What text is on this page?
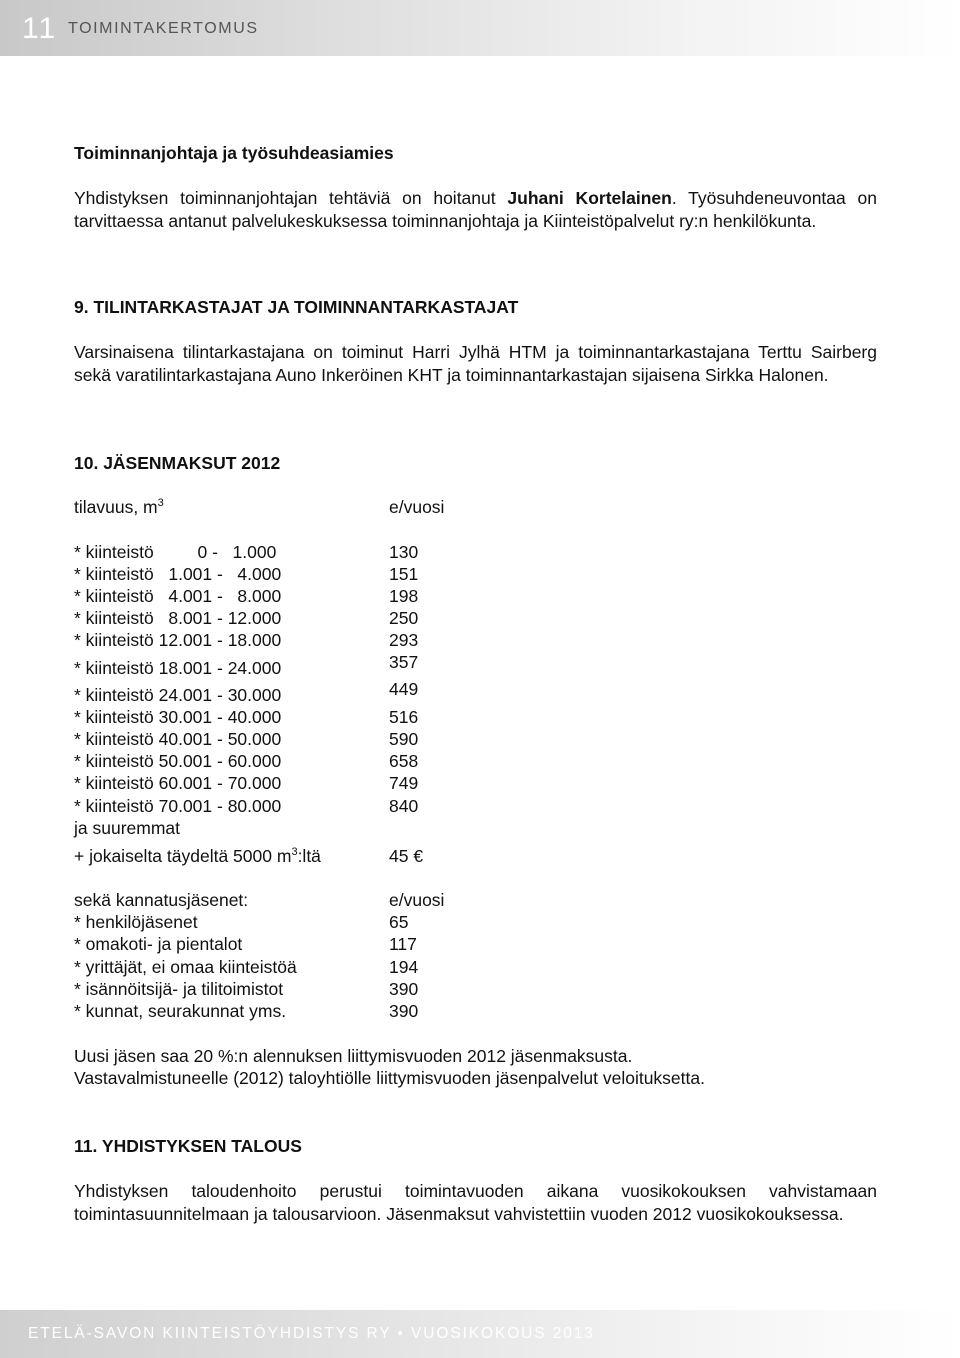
11 TOIMINTAKERTOMUS
Toiminnanjohtaja ja työsuhdeasiamies
Yhdistyksen toiminnanjohtajan tehtäviä on hoitanut Juhani Kortelainen. Työsuhdeneuvontaa on tarvittaessa antanut palvelukeskuksessa toiminnanjohtaja ja Kiinteistöpalvelut ry:n henkilökunta.
9. TILINTARKASTAJAT JA TOIMINNANTARKASTAJAT
Varsinaisena tilintarkastajana on toiminut Harri Jylhä HTM ja toiminnantarkastajana Terttu Sairberg sekä varatilintarkastajana Auno Inkeröinen KHT ja toiminnantarkastajan sijaisena Sirkka Halonen.
10. JÄSENMAKSUT 2012

tilavuus, $m^3$

	e/vuosi

* kiinteistö         0 -   1.000	130
* kiinteistö   1.001 -   4.000	151
* kiinteistö   4.001 -   8.000	198
* kiinteistö   8.001 - 12.000	250
* kiinteistö 12.001 - 18.000	293
* kiinteistö 18.001 - 24.000	357
* kiinteistö 24.001 - 30.000	449
* kiinteistö 30.001 - 40.000	516
* kiinteistö 40.001 - 50.000	590
* kiinteistö 50.001 - 60.000	658
* kiinteistö 60.001 - 70.000	749
* kiinteistö 70.001 - 80.000	840
ja suuremmat

+ jokaiselta täydeltä 5000 $m^3:ltä$

	45 €

sekä kannatusjäsenet:

	e/vuosi

* henkilöjäsenet	65
* omakoti- ja pientalot	117
* yrittäjät, ei omaa kiinteistöä	194
* isännöitsijä- ja tilitoimistot	390
* kunnat, seurakunnat yms.	390
Uusi jäsen saa 20 %:n alennuksen liittymisvuoden 2012 jäsenmaksusta.
Vastavalmistuneelle (2012) taloyhtiölle liittymisvuoden jäsenpalvelut veloituksetta.
11. YHDISTYKSEN TALOUS
Yhdistyksen taloudenhoito perustui toimintavuoden aikana vuosikokouksen vahvistamaan toimintasuunnitelmaan ja talousarvioon. Jäsenmaksut vahvistettiin vuoden 2012 vuosikokouksessa.
ETELÄ-SAVON KIINTEISTÖYHDISTYS RY • VUOSIKOKOUS 2013
